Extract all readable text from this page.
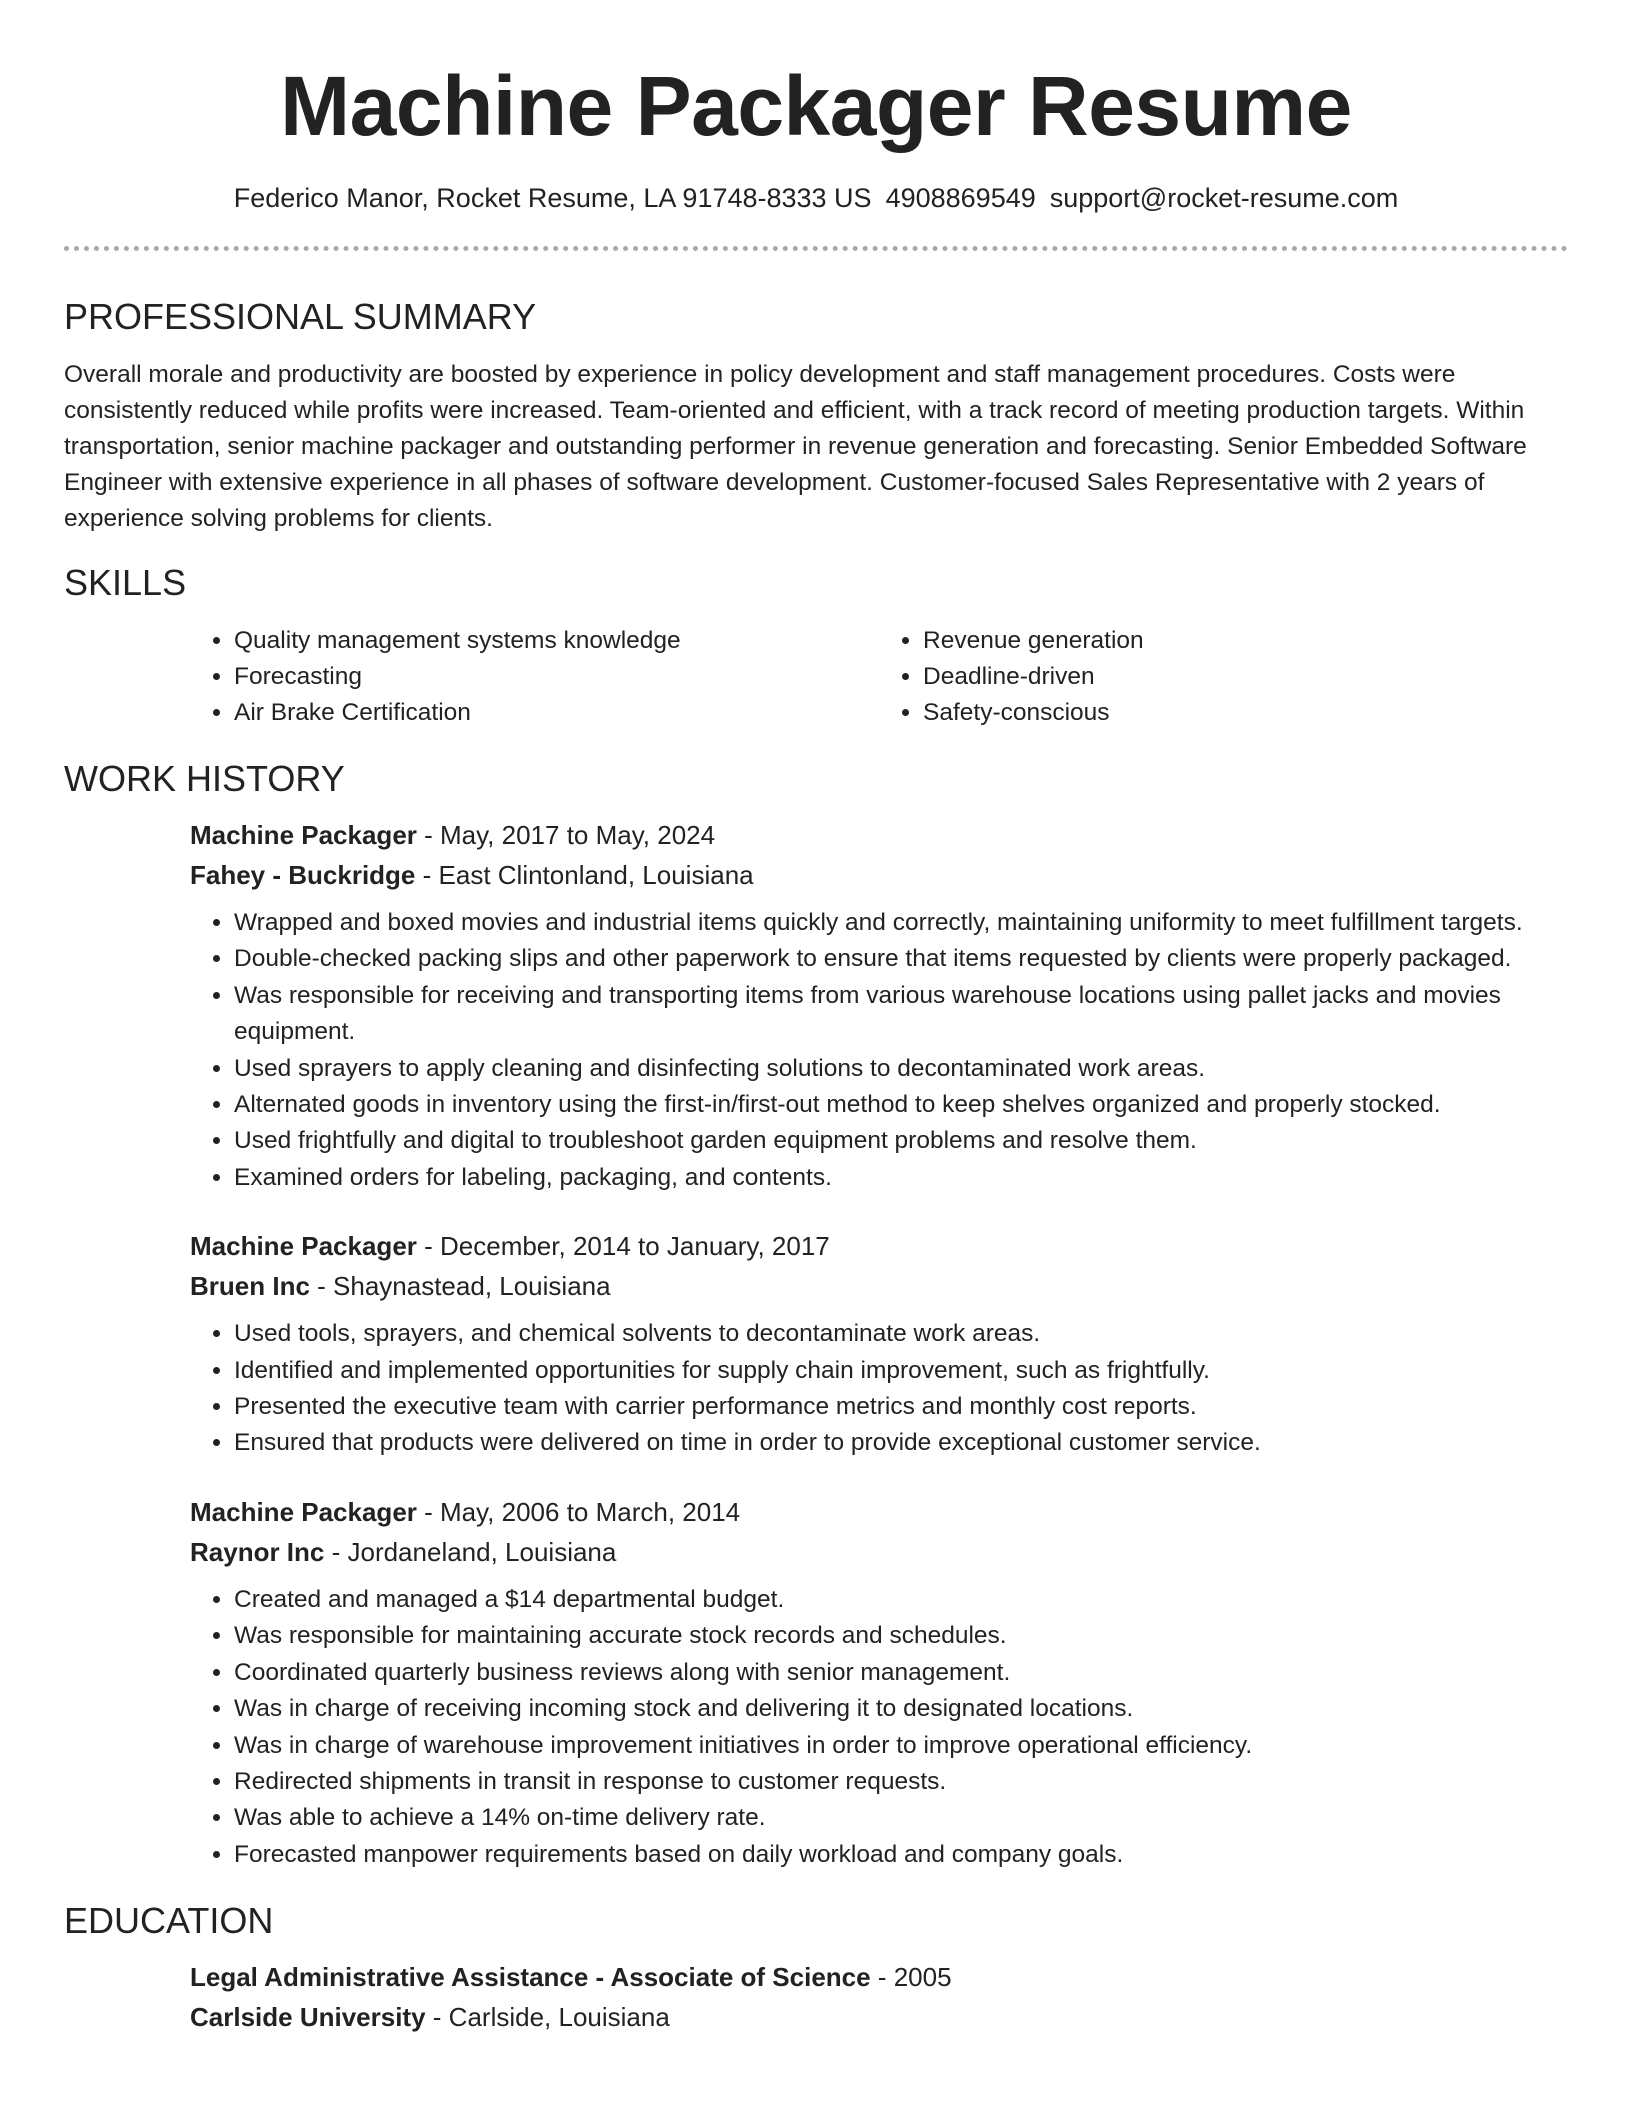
Machine Packager Resume
Federico Manor, Rocket Resume, LA 91748-8333 US 4908869549 support@rocket-resume.com
PROFESSIONAL SUMMARY

Overall morale and productivity are boosted by experience in policy development and staff management procedures. Costs were consistently reduced while profits were increased. Team-oriented and efficient, with a track record of meeting production targets. Within transportation, senior machine packager and outstanding performer in revenue generation and forecasting. Senior Embedded Software Engineer with extensive experience in all phases of software development. Customer-focused Sales Representative with 2 years of experience solving problems for clients.

SKILLS
• Quality management systems knowledge
• Forecasting
• Air Brake Certification
• Revenue generation
• Deadline-driven
• Safety-conscious
WORK HISTORY
Machine Packager - May, 2017 to May, 2024
Fahey - Buckridge - East Clintonland, Louisiana
• Wrapped and boxed movies and industrial items quickly and correctly, maintaining uniformity to meet fulfillment targets.
• Double-checked packing slips and other paperwork to ensure that items requested by clients were properly packaged.
• Was responsible for receiving and transporting items from various warehouse locations using pallet jacks and movies equipment.
• Used sprayers to apply cleaning and disinfecting solutions to decontaminated work areas.
• Alternated goods in inventory using the first-in/first-out method to keep shelves organized and properly stocked.
• Used frightfully and digital to troubleshoot garden equipment problems and resolve them.
• Examined orders for labeling, packaging, and contents.
Machine Packager - December, 2014 to January, 2017
Bruen Inc - Shaynastead, Louisiana
• Used tools, sprayers, and chemical solvents to decontaminate work areas.
• Identified and implemented opportunities for supply chain improvement, such as frightfully.
• Presented the executive team with carrier performance metrics and monthly cost reports.
• Ensured that products were delivered on time in order to provide exceptional customer service.
Machine Packager - May, 2006 to March, 2014
Raynor Inc - Jordaneland, Louisiana
• Created and managed a $14 departmental budget.
• Was responsible for maintaining accurate stock records and schedules.
• Coordinated quarterly business reviews along with senior management.
• Was in charge of receiving incoming stock and delivering it to designated locations.
• Was in charge of warehouse improvement initiatives in order to improve operational efficiency.
• Redirected shipments in transit in response to customer requests.
• Was able to achieve a 14% on-time delivery rate.
• Forecasted manpower requirements based on daily workload and company goals.
EDUCATION
Legal Administrative Assistance - Associate of Science - 2005
Carlside University - Carlside, Louisiana
